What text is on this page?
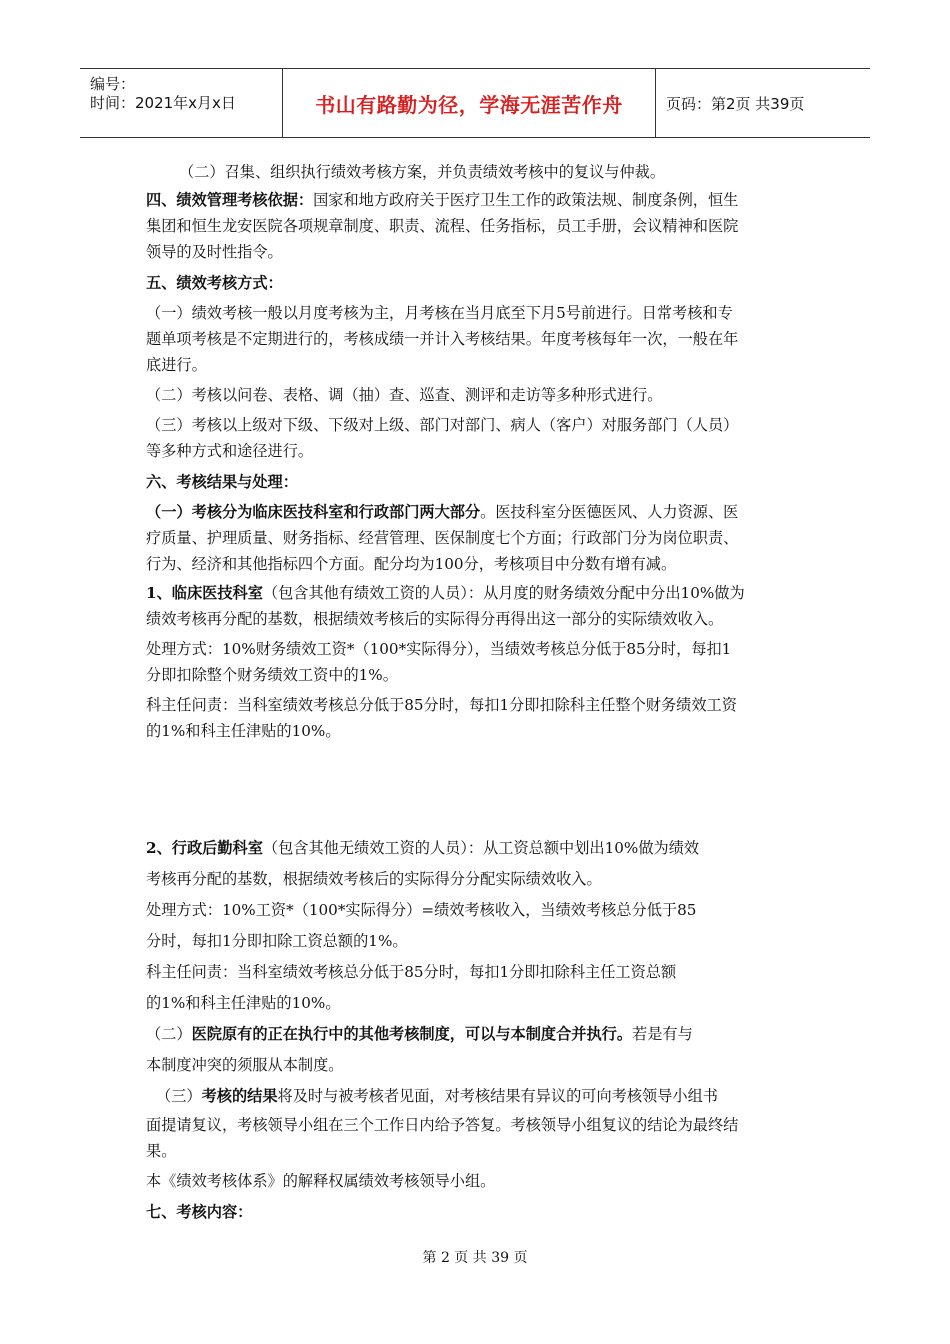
编号：
时间：2021年x月x日	书山有路勤为径，学海无涯苦作舟	页码：第2页 共39页
（二）召集、组织执行绩效考核方案，并负责绩效考核中的复议与仲裁。
四、绩效管理考核依据：国家和地方政府关于医疗卫生工作的政策法规、制度条例，恒生
集团和恒生龙安医院各项规章制度、职责、流程、任务指标，员工手册，会议精神和医院
领导的及时性指令。
五、绩效考核方式：
（一）绩效考核一般以月度考核为主，月考核在当月底至下月5号前进行。日常考核和专
题单项考核是不定期进行的，考核成绩一并计入考核结果。年度考核每年一次，一般在年
底进行。
（二）考核以问卷、表格、调（抽）查、巡查、测评和走访等多种形式进行。
（三）考核以上级对下级、下级对上级、部门对部门、病人（客户）对服务部门（人员）
等多种方式和途径进行。
六、考核结果与处理：
（一）考核分为临床医技科室和行政部门两大部分。医技科室分医德医风、人力资源、医
疗质量、护理质量、财务指标、经营管理、医保制度七个方面；行政部门分为岗位职责、
行为、经济和其他指标四个方面。配分均为100分，考核项目中分数有增有减。
1、临床医技科室（包含其他有绩效工资的人员）：从月度的财务绩效分配中分出10%做为
绩效考核再分配的基数，根据绩效考核后的实际得分再得出这一部分的实际绩效收入。
处理方式：10%财务绩效工资*（100*实际得分），当绩效考核总分低于85分时，每扣1
分即扣除整个财务绩效工资中的1%。
科主任问责：当科室绩效考核总分低于85分时，每扣1分即扣除科主任整个财务绩效工资
的1%和科主任津贴的10%。
2、行政后勤科室（包含其他无绩效工资的人员）：从工资总额中划出10%做为绩效
考核再分配的基数，根据绩效考核后的实际得分分配实际绩效收入。
处理方式：10%工资*（100*实际得分）=绩效考核收入，当绩效考核总分低于85
分时，每扣1分即扣除工资总额的1%。
科主任问责：当科室绩效考核总分低于85分时，每扣1分即扣除科主任工资总额
的1%和科主任津贴的10%。
（二）医院原有的正在执行中的其他考核制度，可以与本制度合并执行。若是有与
本制度冲突的须服从本制度。
（三）考核的结果将及时与被考核者见面，对考核结果有异议的可向考核领导小组书
面提请复议，考核领导小组在三个工作日内给予答复。考核领导小组复议的结论为最终结
果。
本《绩效考核体系》的解释权属绩效考核领导小组。
七、考核内容：
第 2 页 共 39 页
